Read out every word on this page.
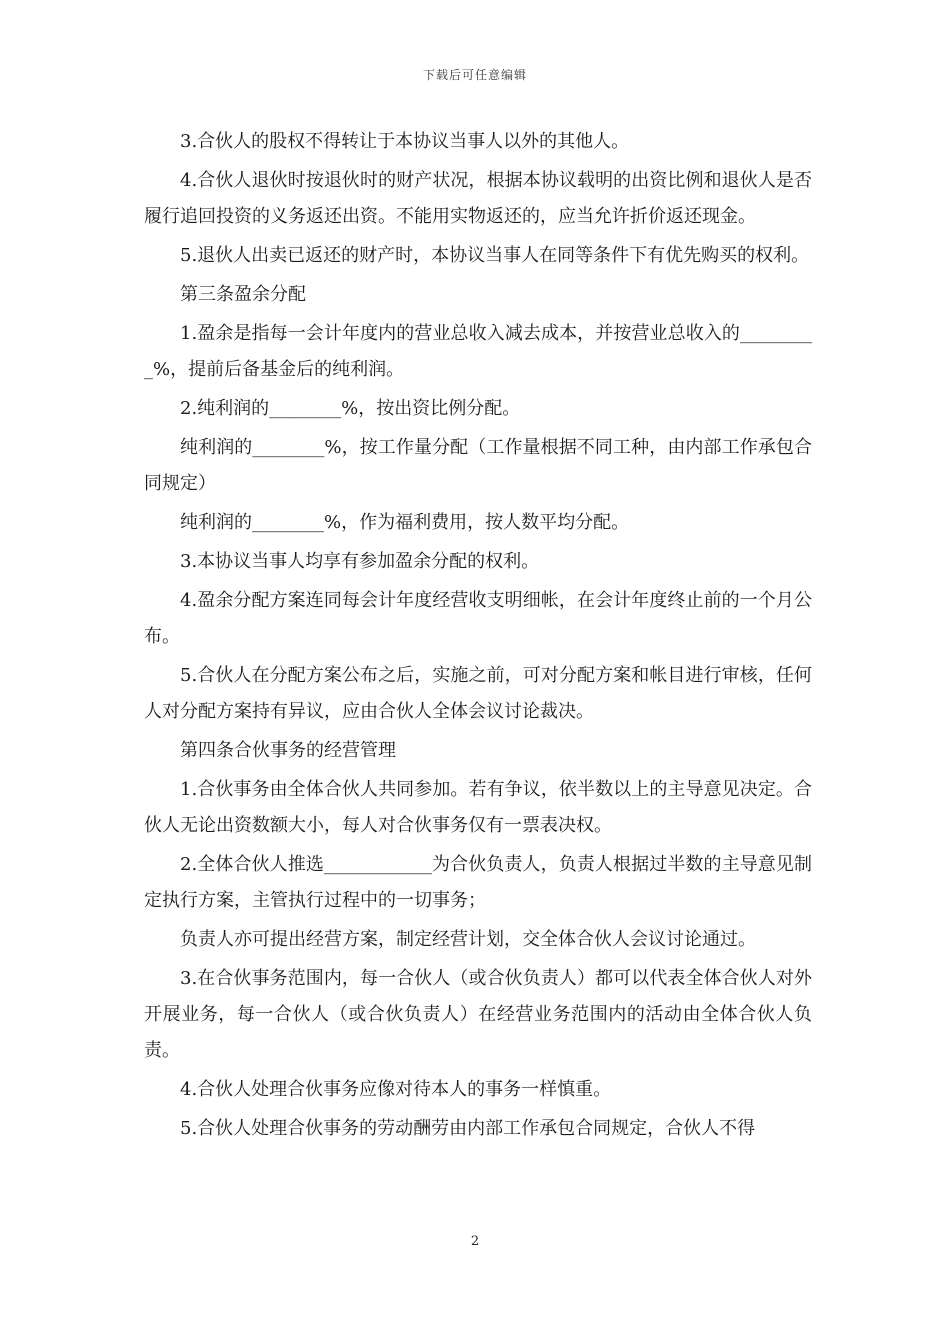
下载后可任意编辑

3.合伙人的股权不得转让于本协议当事人以外的其他人。

4.合伙人退伙时按退伙时的财产状况，根据本协议载明的出资比例和退伙人是否履行追回投资的义务返还出资。不能用实物返还的，应当允许折价返还现金。

5.退伙人出卖已返还的财产时，本协议当事人在同等条件下有优先购买的权利。

第三条盈余分配

1.盈余是指每一会计年度内的营业总收入减去成本，并按营业总收入的_________%，提前后备基金后的纯利润。

2.纯利润的________%，按出资比例分配。

纯利润的________%，按工作量分配（工作量根据不同工种，由内部工作承包合同规定）

纯利润的________%，作为福利费用，按人数平均分配。

3.本协议当事人均享有参加盈余分配的权利。

4.盈余分配方案连同每会计年度经营收支明细帐，在会计年度终止前的一个月公布。

5.合伙人在分配方案公布之后，实施之前，可对分配方案和帐目进行审核，任何人对分配方案持有异议，应由合伙人全体会议讨论裁决。

第四条合伙事务的经营管理

1.合伙事务由全体合伙人共同参加。若有争议，依半数以上的主导意见决定。合伙人无论出资数额大小，每人对合伙事务仅有一票表决权。

2.全体合伙人推选____________为合伙负责人，负责人根据过半数的主导意见制定执行方案，主管执行过程中的一切事务；

负责人亦可提出经营方案，制定经营计划，交全体合伙人会议讨论通过。

3.在合伙事务范围内，每一合伙人（或合伙负责人）都可以代表全体合伙人对外开展业务，每一合伙人（或合伙负责人）在经营业务范围内的活动由全体合伙人负责。

4.合伙人处理合伙事务应像对待本人的事务一样慎重。

5.合伙人处理合伙事务的劳动酬劳由内部工作承包合同规定，合伙人不得

2
